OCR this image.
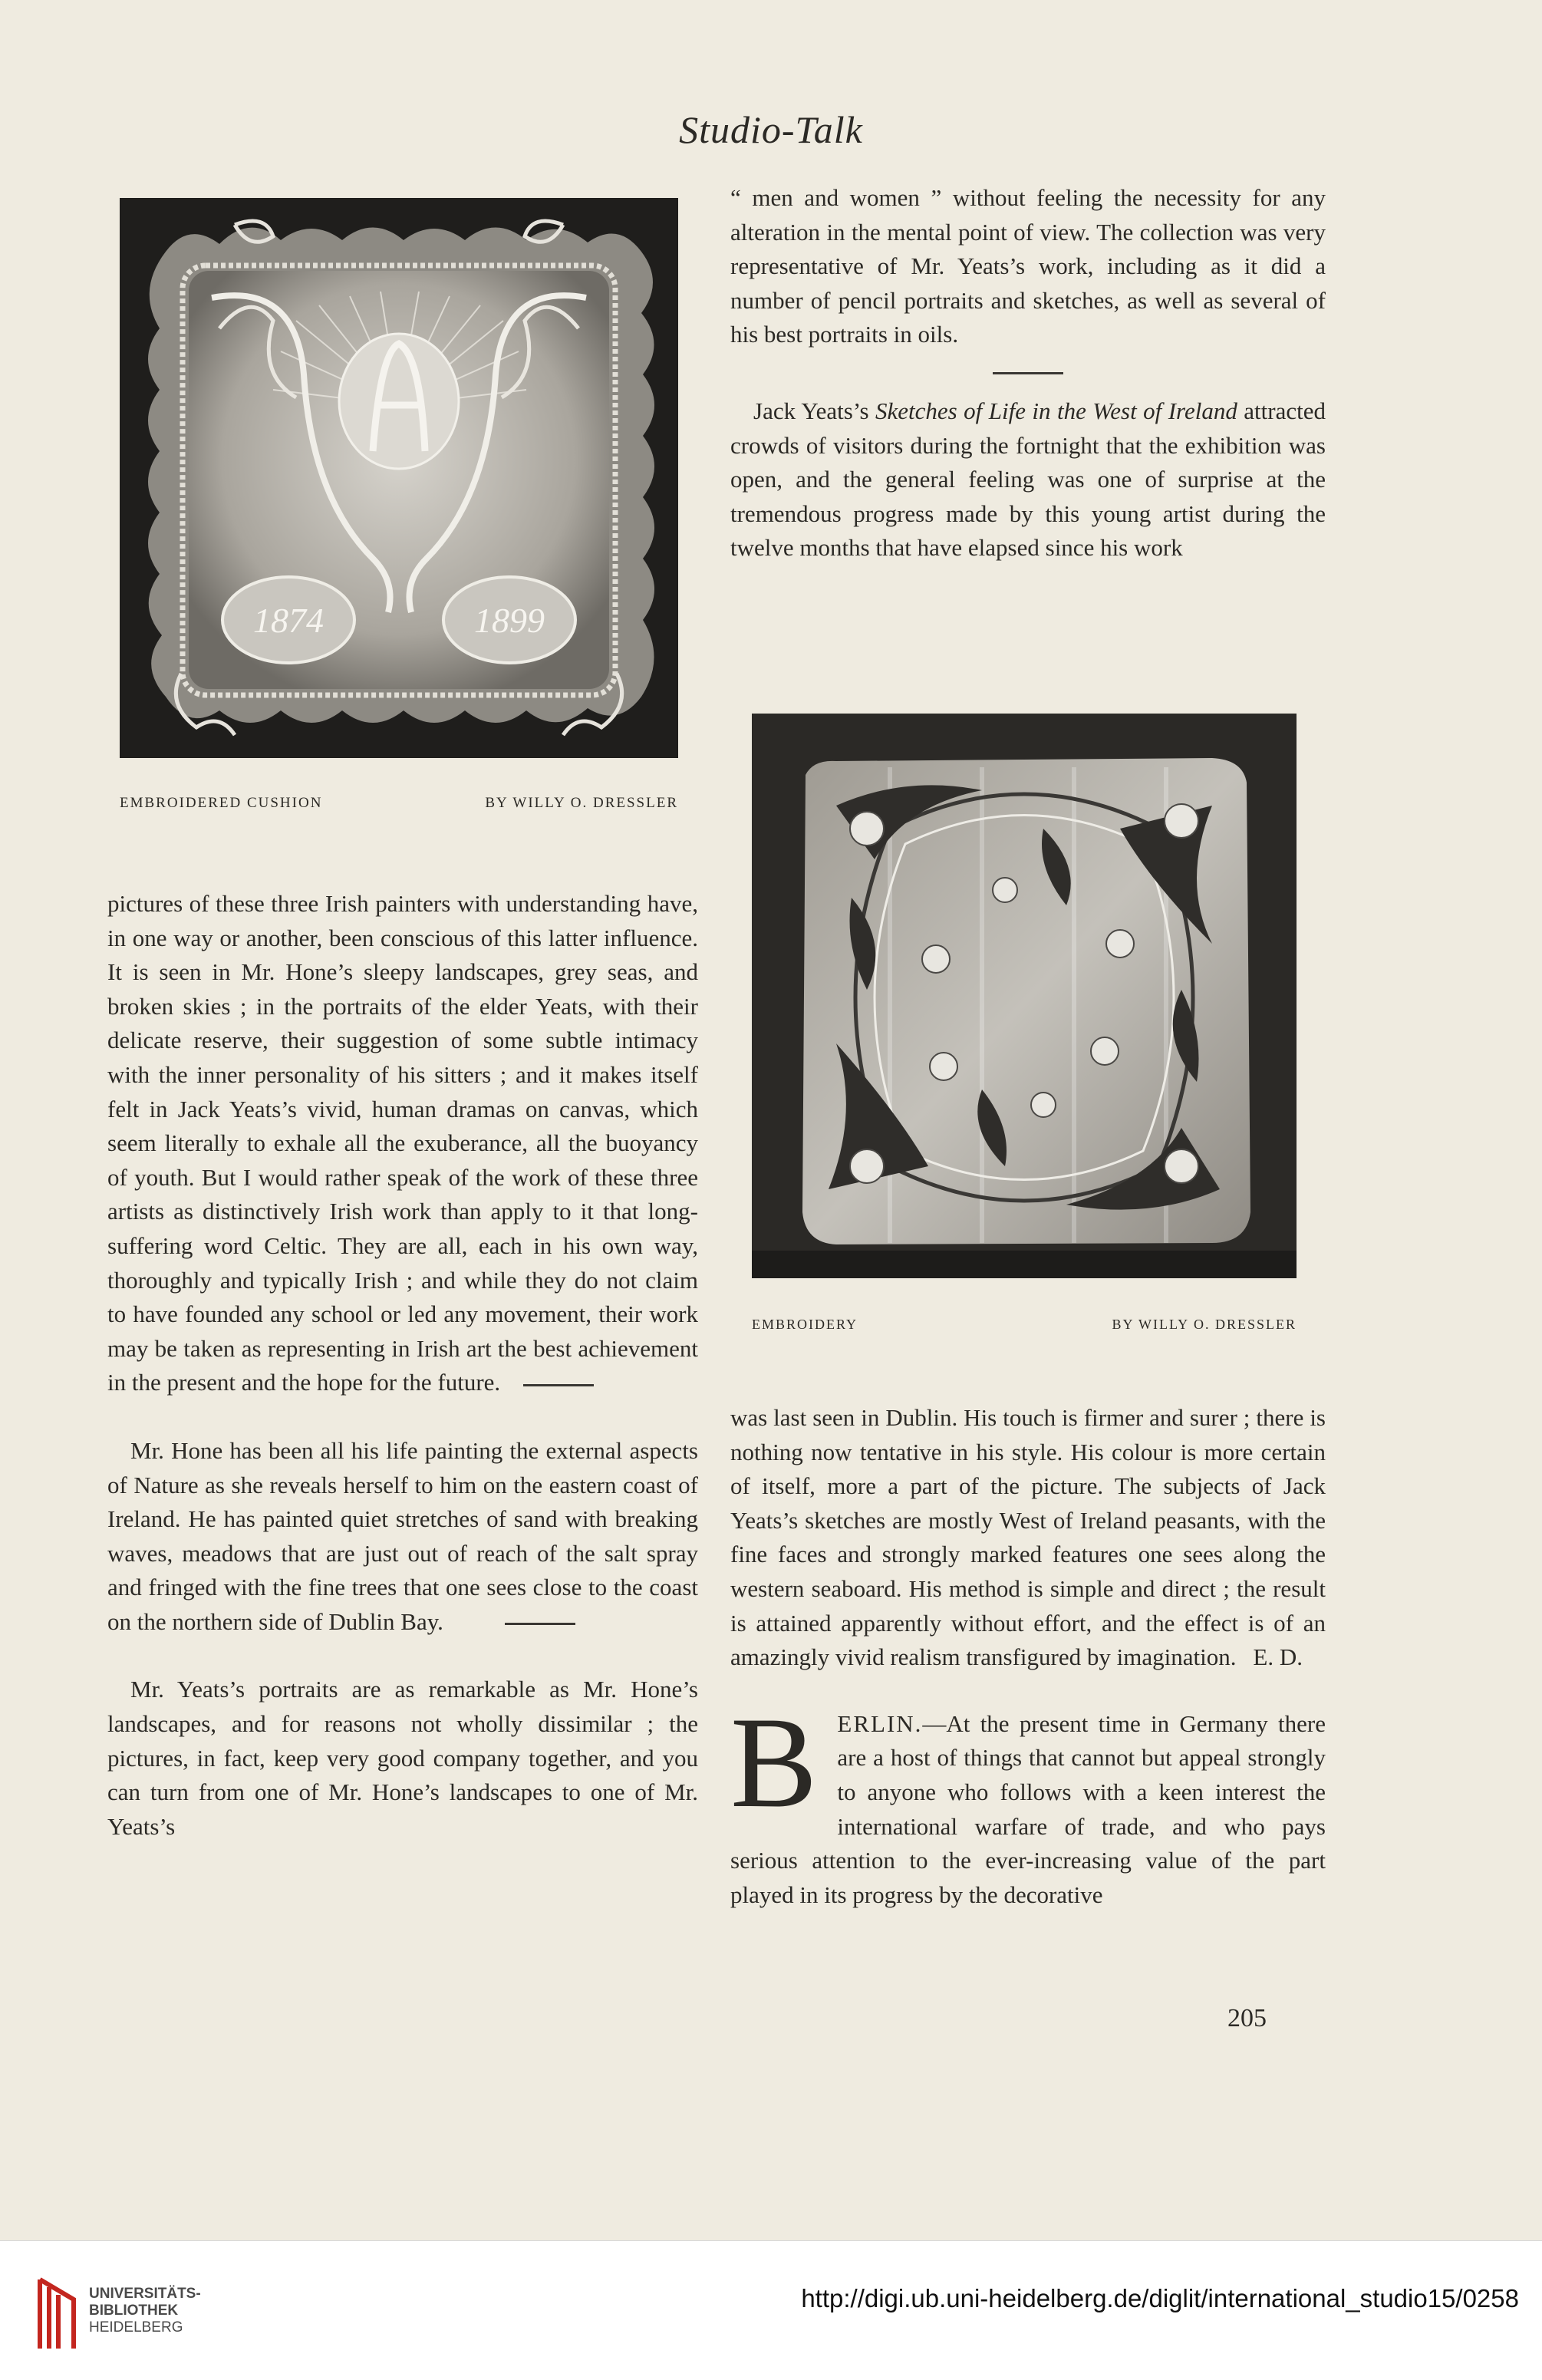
Studio-Talk
1874	1899
EMBROIDERED CUSHION	BY WILLY O. DRESSLER

“ men and women ” without feeling the necessity for any alteration in the mental point of view. The collection was very representative of Mr. Yeats’s work, including as it did a number of pencil portraits and sketches, as well as several of his best portraits in oils.

Jack Yeats’s Sketches of Life in the West of Ireland attracted crowds of visitors during the fortnight that the exhibition was open, and the general feeling was one of surprise at the tremendous progress made by this young artist during the twelve months that have elapsed since his work

EMBROIDERY	BY WILLY O. DRESSLER

pictures of these three Irish painters with understanding have, in one way or another, been conscious of this latter influence. It is seen in Mr. Hone’s sleepy landscapes, grey seas, and broken skies ; in the portraits of the elder Yeats, with their delicate reserve, their suggestion of some subtle intimacy with the inner personality of his sitters ; and it makes itself felt in Jack Yeats’s vivid, human dramas on canvas, which seem literally to exhale all the exuberance, all the buoyancy of youth. But I would rather speak of the work of these three artists as distinctively Irish work than apply to it that long-suffering word Celtic. They are all, each in his own way, thoroughly and typically Irish ; and while they do not claim to have founded any school or led any movement, their work may be taken as representing in Irish art the best achievement in the present and the hope for the future.

Mr. Hone has been all his life painting the external aspects of Nature as she reveals herself to him on the eastern coast of Ireland. He has painted quiet stretches of sand with breaking waves, meadows that are just out of reach of the salt spray and fringed with the fine trees that one sees close to the coast on the northern side of Dublin Bay.

Mr. Yeats’s portraits are as remarkable as Mr. Hone’s landscapes, and for reasons not wholly dissimilar ; the pictures, in fact, keep very good company together, and you can turn from one of Mr. Hone’s landscapes to one of Mr. Yeats’s

was last seen in Dublin. His touch is firmer and surer ; there is nothing now tentative in his style. His colour is more certain of itself, more a part of the picture. The subjects of Jack Yeats’s sketches are mostly West of Ireland peasants, with the fine faces and strongly marked features one sees along the western seaboard. His method is simple and direct ; the result is attained apparently without effort, and the effect is of an amazingly vivid realism transfigured by imagination. E. D.

BERLIN.—At the present time in Germany there are a host of things that cannot but appeal strongly to anyone who follows with a keen interest the international warfare of trade, and who pays serious attention to the ever-increasing value of the part played in its progress by the decorative
205
UNIVERSITÄTS-
BIBLIOTHEK
HEIDELBERG
http://digi.ub.uni-heidelberg.de/diglit/international_studio15/0258
